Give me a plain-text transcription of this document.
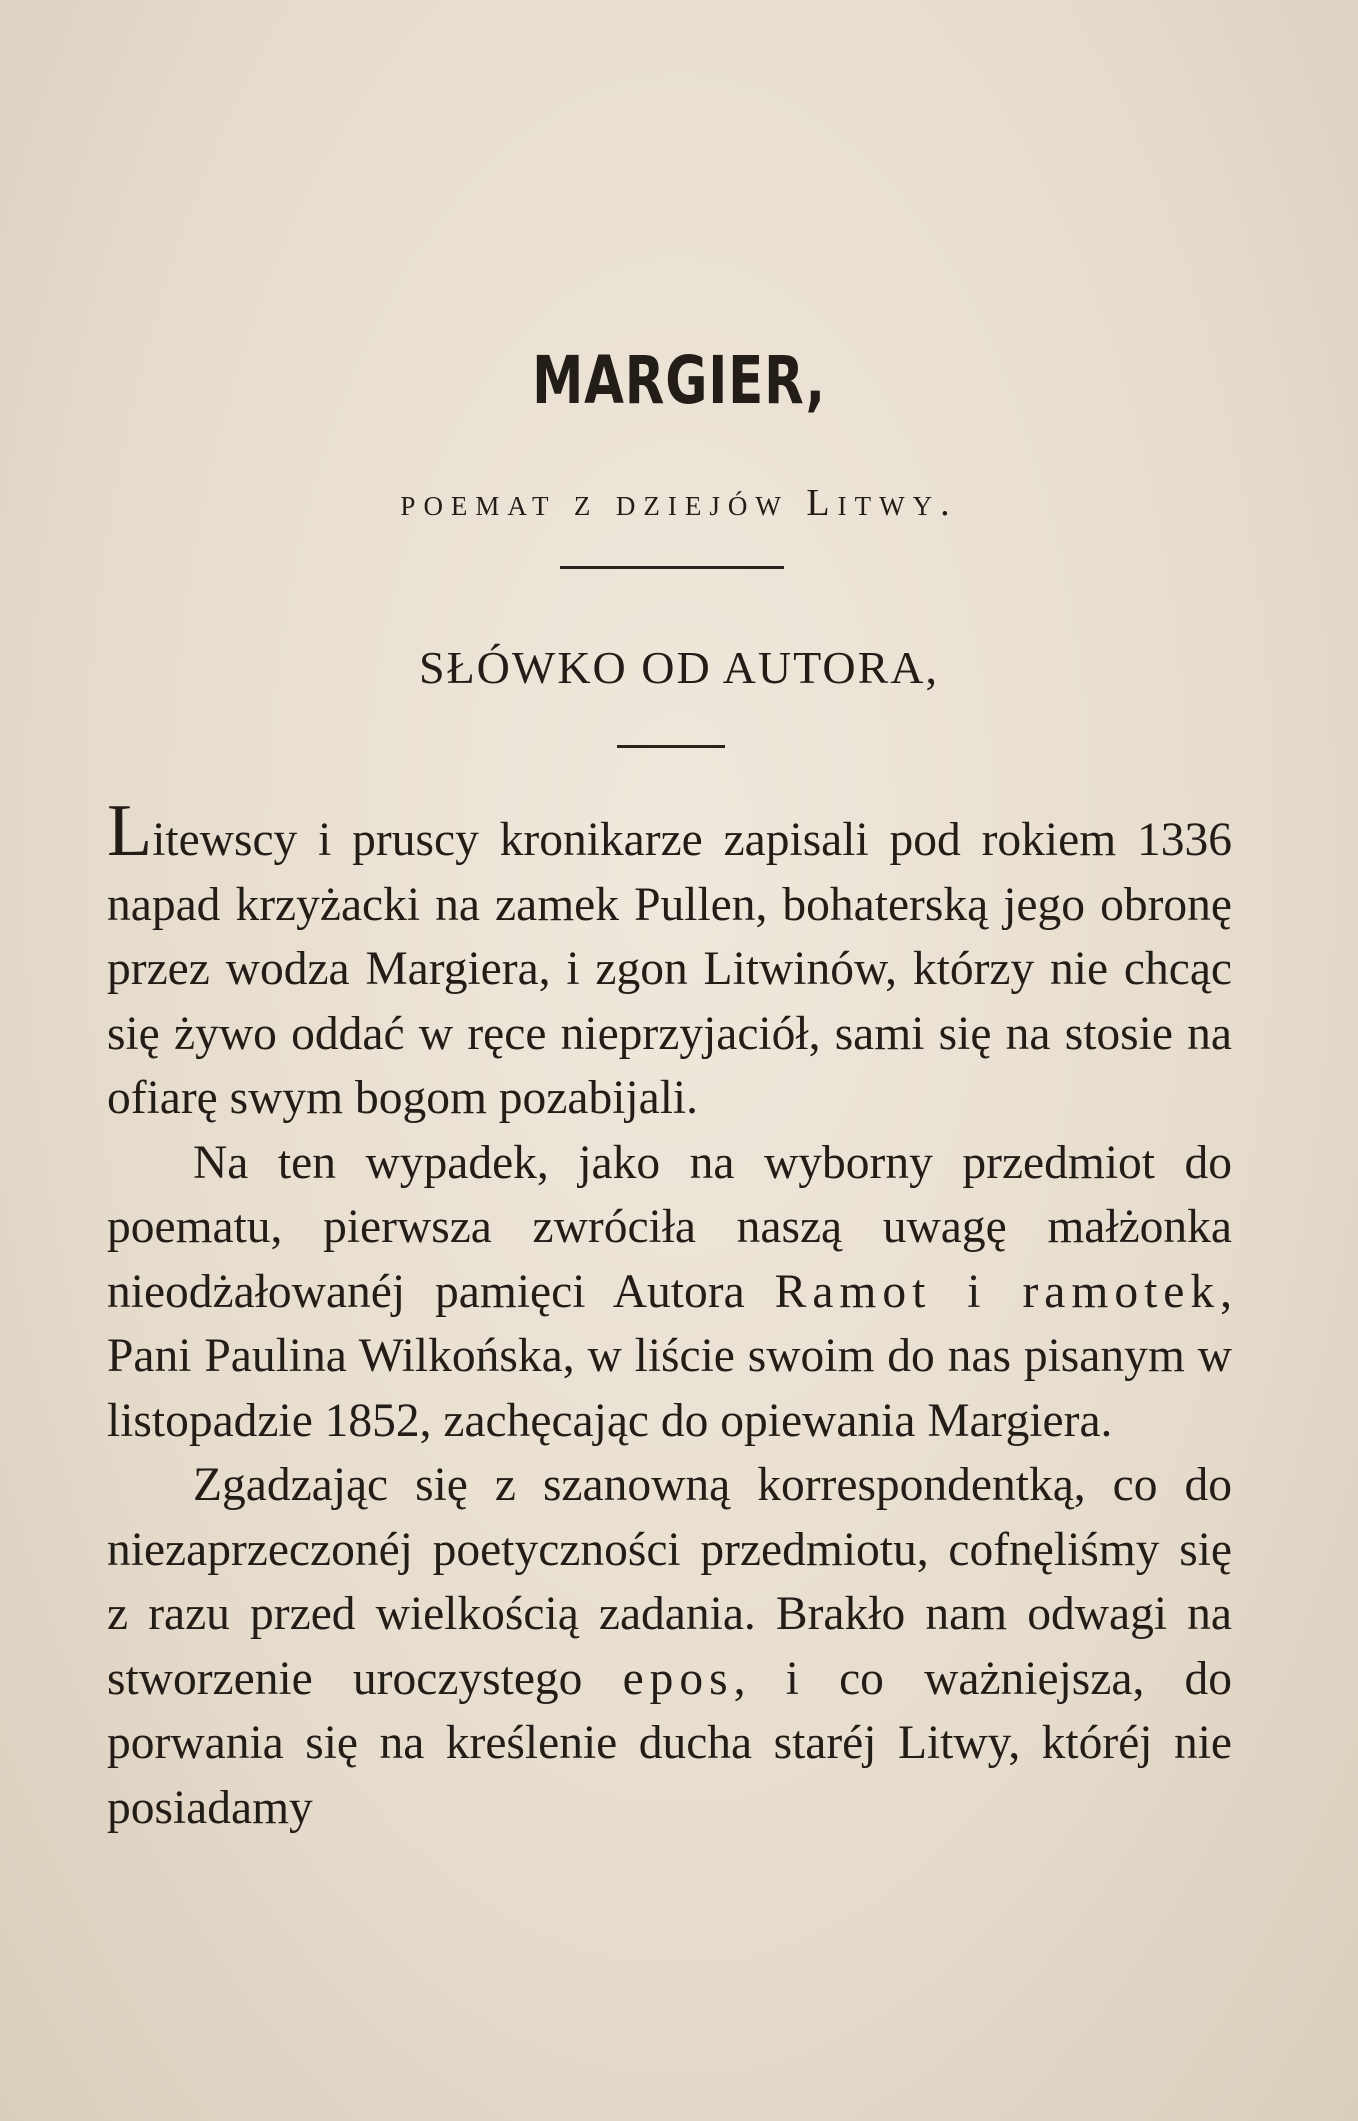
MARGIER,
poemat z dziejów Litwy.
SŁÓWKO OD AUTORA,

Litewscy i pruscy kronikarze zapisali pod rokiem 1336 napad krzyżacki na zamek Pullen, bohaterską jego obronę przez wodza Margiera, i zgon Litwinów, którzy nie chcąc się żywo oddać w ręce nieprzyjaciół, sami się na stosie na ofiarę swym bogom pozabijali.

Na ten wypadek, jako na wyborny przedmiot do poematu, pierwsza zwróciła naszą uwagę małżonka nieodżałowanéj pamięci Autora Ramot i ramotek, Pani Paulina Wilkońska, w liście swoim do nas pisanym w listopadzie 1852, zachęcając do opiewania Margiera.

Zgadzając się z szanowną korrespondentką, co do niezaprzeczonéj poetyczności przedmiotu, cofnęliśmy się z razu przed wielkością zadania. Brakło nam odwagi na stworzenie uroczystego epos, i co ważniejsza, do porwania się na kreślenie ducha staréj Litwy, któréj nie posiadamy
